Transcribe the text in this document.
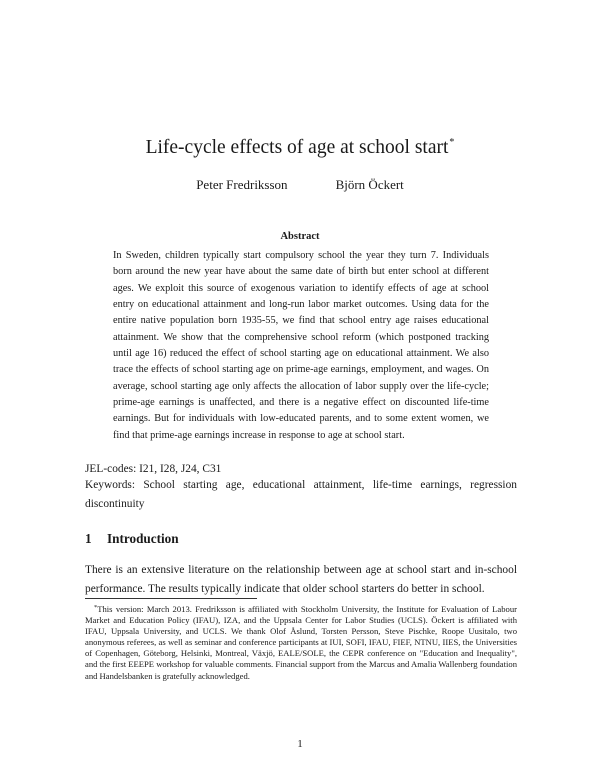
Life-cycle effects of age at school start*
Peter Fredriksson	Björn Öckert
Abstract

In Sweden, children typically start compulsory school the year they turn 7. Individuals born around the new year have about the same date of birth but enter school at different ages. We exploit this source of exogenous variation to identify effects of age at school entry on educational attainment and long-run labor market outcomes. Using data for the entire native population born 1935-55, we find that school entry age raises educational attainment. We show that the comprehensive school reform (which postponed tracking until age 16) reduced the effect of school starting age on educational attainment. We also trace the effects of school starting age on prime-age earnings, employment, and wages. On average, school starting age only affects the allocation of labor supply over the life-cycle; prime-age earnings is unaffected, and there is a negative effect on discounted life-time earnings. But for individuals with low-educated parents, and to some extent women, we find that prime-age earnings increase in response to age at school start.

JEL-codes: I21, I28, J24, C31

Keywords: School starting age, educational attainment, life-time earnings, regression discontinuity

1 Introduction

There is an extensive literature on the relationship between age at school start and in-school performance. The results typically indicate that older school starters do better in school.

*This version: March 2013. Fredriksson is affiliated with Stockholm University, the Institute for Evaluation of Labour Market and Education Policy (IFAU), IZA, and the Uppsala Center for Labor Studies (UCLS). Öckert is affiliated with IFAU, Uppsala University, and UCLS. We thank Olof Åslund, Torsten Persson, Steve Pischke, Roope Uusitalo, two anonymous referees, as well as seminar and conference participants at IUI, SOFI, IFAU, FIEF, NTNU, IIES, the Universities of Copenhagen, Göteborg, Helsinki, Montreal, Växjö, EALE/SOLE, the CEPR conference on "Education and Inequality", and the first EEEPE workshop for valuable comments. Financial support from the Marcus and Amalia Wallenberg foundation and Handelsbanken is gratefully acknowledged.

1
